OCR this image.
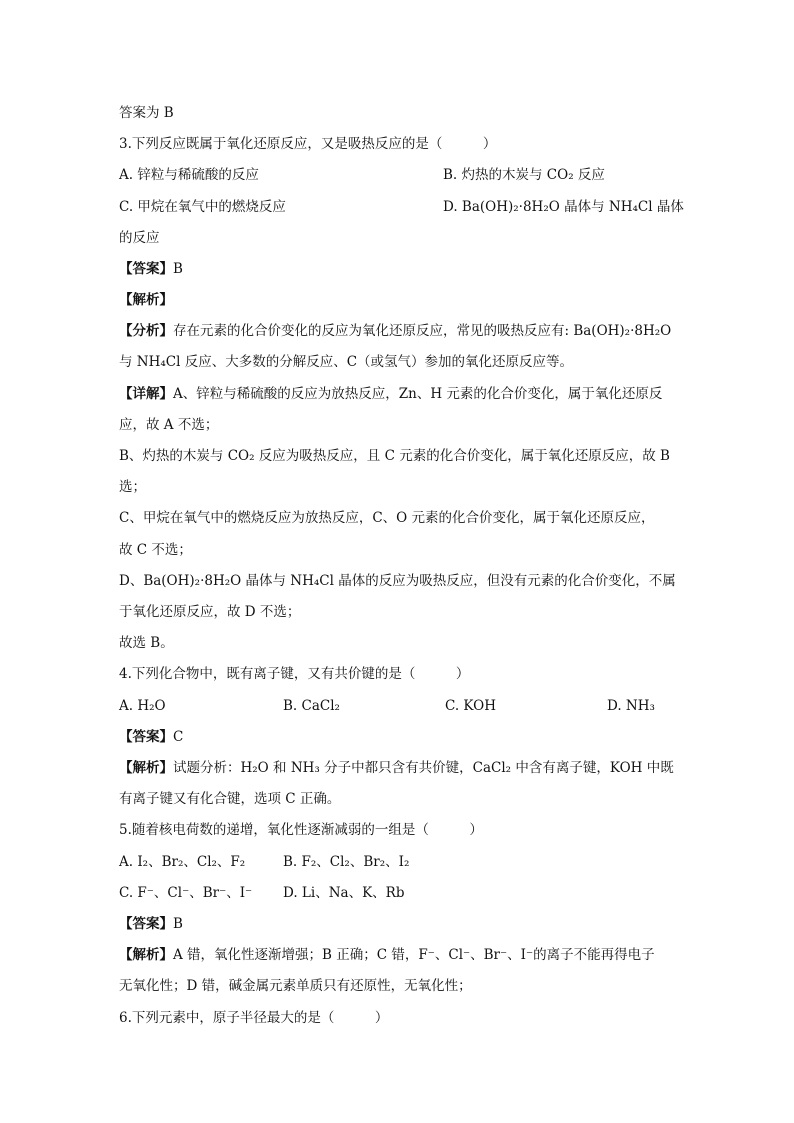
答案为 B
3.下列反应既属于氧化还原反应，又是吸热反应的是（　　　）
A. 锌粒与稀硫酸的反应	B. 灼热的木炭与 CO₂ 反应
C. 甲烷在氧气中的燃烧反应	D. Ba(OH)₂·8H₂O 晶体与 NH₄Cl 晶体
的反应
【答案】B
【解析】
【分析】存在元素的化合价变化的反应为氧化还原反应，常见的吸热反应有: Ba(OH)₂·8H₂O
与 NH₄Cl 反应、大多数的分解反应、C（或氢气）参加的氧化还原反应等。
【详解】A、锌粒与稀硫酸的反应为放热反应，Zn、H 元素的化合价变化，属于氧化还原反
应，故 A 不选；
B、灼热的木炭与 CO₂ 反应为吸热反应，且 C 元素的化合价变化，属于氧化还原反应，故 B
选；
C、甲烷在氧气中的燃烧反应为放热反应，C、O 元素的化合价变化，属于氧化还原反应，
故 C 不选；
D、Ba(OH)₂·8H₂O 晶体与 NH₄Cl 晶体的反应为吸热反应，但没有元素的化合价变化，不属
于氧化还原反应，故 D 不选；
故选 B。
4.下列化合物中，既有离子键，又有共价键的是（　　　）
A. H₂O	B. CaCl₂	C. KOH	D. NH₃
【答案】C
【解析】试题分析：H₂O 和 NH₃ 分子中都只含有共价键，CaCl₂ 中含有离子键，KOH 中既
有离子键又有化合键，选项 C 正确。
5.随着核电荷数的递增，氧化性逐渐减弱的一组是（　　　）
A. I₂、Br₂、Cl₂、F₂	B. F₂、Cl₂、Br₂、I₂
C. F⁻、Cl⁻、Br⁻、I⁻ D. Li、Na、K、Rb
【答案】B
【解析】A 错，氧化性逐渐增强；B 正确；C 错，F⁻、Cl⁻、Br⁻、I⁻的离子不能再得电子
无氧化性；D 错，碱金属元素单质只有还原性，无氧化性；
6.下列元素中，原子半径最大的是（　　　）
